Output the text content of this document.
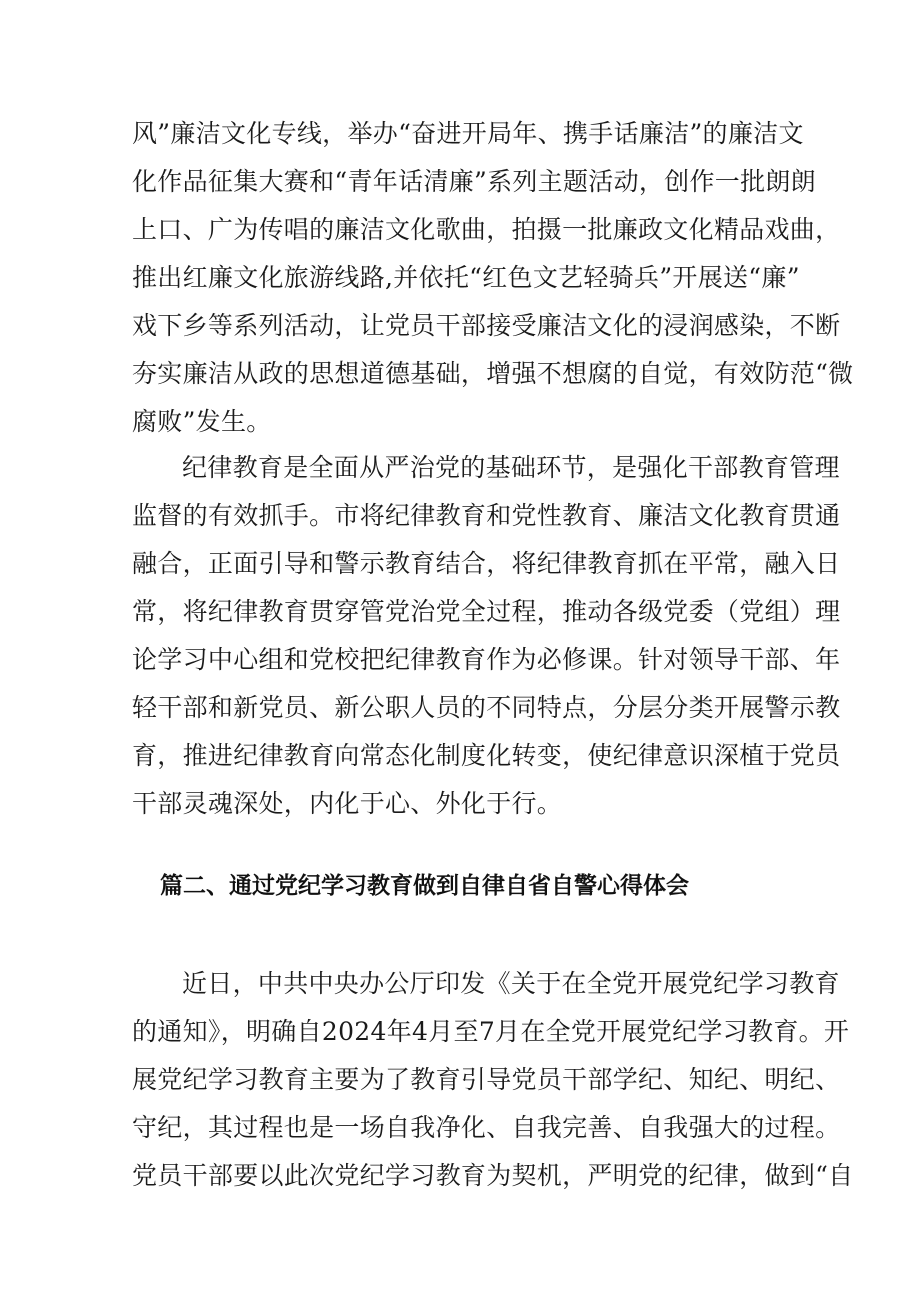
风”廉洁文化专线，举办“奋进开局年、携手话廉洁”的廉洁文
化作品征集大赛和“青年话清廉”系列主题活动，创作一批朗朗
上口、广为传唱的廉洁文化歌曲，拍摄一批廉政文化精品戏曲，
推出红廉文化旅游线路,并依托“红色文艺轻骑兵”开展送“廉”
戏下乡等系列活动，让党员干部接受廉洁文化的浸润感染，不断
夯实廉洁从政的思想道德基础，增强不想腐的自觉，有效防范“微
腐败”发生。
纪律教育是全面从严治党的基础环节，是强化干部教育管理
监督的有效抓手。市将纪律教育和党性教育、廉洁文化教育贯通
融合，正面引导和警示教育结合，将纪律教育抓在平常，融入日
常，将纪律教育贯穿管党治党全过程，推动各级党委（党组）理
论学习中心组和党校把纪律教育作为必修课。针对领导干部、年
轻干部和新党员、新公职人员的不同特点，分层分类开展警示教
育，推进纪律教育向常态化制度化转变，使纪律意识深植于党员
干部灵魂深处，内化于心、外化于行。
篇二、通过党纪学习教育做到自律自省自警心得体会
近日，中共中央办公厅印发《关于在全党开展党纪学习教育
的通知》，明确自2024年4月至7月在全党开展党纪学习教育。开
展党纪学习教育主要为了教育引导党员干部学纪、知纪、明纪、
守纪，其过程也是一场自我净化、自我完善、自我强大的过程。
党员干部要以此次党纪学习教育为契机，严明党的纪律，做到“自
